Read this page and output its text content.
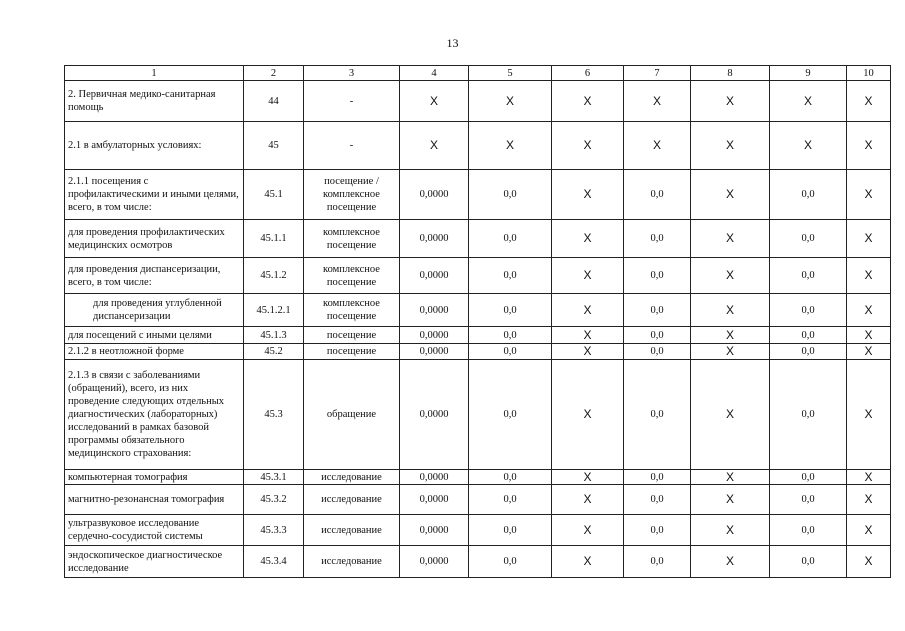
13
1	2	3	4	5	6	7	8	9	10
2. Первичная медико-санитарная помощь	44	-	X	X	X	X	X	X	X
2.1 в амбулаторных условиях:	45	-	X	X	X	X	X	X	X
2.1.1 посещения с профилактическими и иными целями, всего, в том числе:	45.1	посещение / комплексное посещение	0,0000	0,0	X	0,0	X	0,0	X
для проведения профилактических медицинских осмотров	45.1.1	комплексное посещение	0,0000	0,0	X	0,0	X	0,0	X
для проведения диспансеризации, всего, в том числе:	45.1.2	комплексное посещение	0,0000	0,0	X	0,0	X	0,0	X
для проведения углубленной диспансеризации	45.1.2.1	комплексное посещение	0,0000	0,0	X	0,0	X	0,0	X
для посещений с иными целями	45.1.3	посещение	0,0000	0,0	X	0,0	X	0,0	X
2.1.2 в неотложной форме	45.2	посещение	0,0000	0,0	X	0,0	X	0,0	X
2.1.3 в связи с заболеваниями (обращений), всего, из них проведение следующих отдельных диагностических (лабораторных) исследований в рамках базовой программы обязательного медицинского страхования:	45.3	обращение	0,0000	0,0	X	0,0	X	0,0	X
компьютерная томография	45.3.1	исследование	0,0000	0,0	X	0,0	X	0,0	X
магнитно-резонансная томография	45.3.2	исследование	0,0000	0,0	X	0,0	X	0,0	X
ультразвуковое исследование сердечно-сосудистой системы	45.3.3	исследование	0,0000	0,0	X	0,0	X	0,0	X
эндоскопическое диагностическое исследование	45.3.4	исследование	0,0000	0,0	X	0,0	X	0,0	X
